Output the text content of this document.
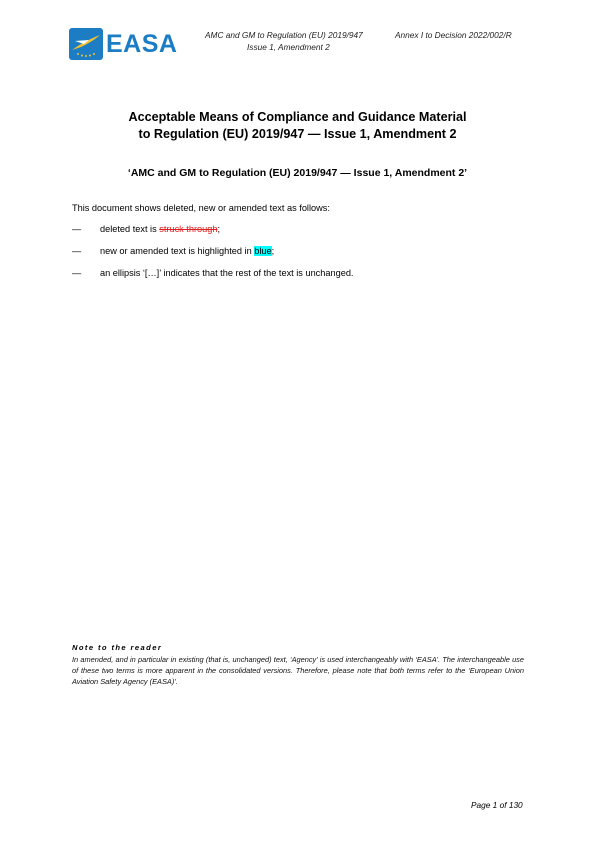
EASA	AMC and GM to Regulation (EU) 2019/947	Annex I to Decision 2022/002/R
Issue 1, Amendment 2
Acceptable Means of Compliance and Guidance Material
to Regulation (EU) 2019/947 — Issue 1, Amendment 2
‘AMC and GM to Regulation (EU) 2019/947 — Issue 1, Amendment 2’
This document shows deleted, new or amended text as follows:
— deleted text is struck through;
— new or amended text is highlighted in blue;
— an ellipsis ‘[…]’ indicates that the rest of the text is unchanged.
Note to the reader
In amended, and in particular in existing (that is, unchanged) text, ‘Agency’ is used interchangeably with ‘EASA’. The interchangeable use of these two terms is more apparent in the consolidated versions. Therefore, please note that both terms refer to the ‘European Union Aviation Safety Agency (EASA)’.
Page 1 of 130
